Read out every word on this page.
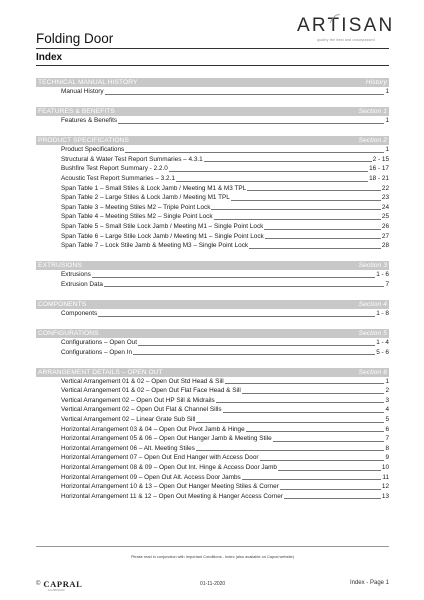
Folding Door
ARTISAN
quality the best and unsurpassed
Index
TECHNICAL MANUAL HISTORY	History
Manual History	1
FEATURES & BENEFITS	Section 1
Features & Benefits	1
PRODUCT SPECIFICATIONS	Section 2
Product Specifications	1
Structural & Water Test Report Summaries – 4.3.1	2 - 15
Bushfire Test Report Summary - 2.2.0	16 - 17
Acoustic Test Report Summaries – 3.2.1	18 - 21
Span Table 1 – Small Stiles & Lock Jamb / Meeting M1 & M3 TPL	22
Span Table 2 – Large Stiles & Lock Jamb / Meeting M1 TPL	23
Span Table 3 – Meeting Stiles M2 – Triple Point Lock	24
Span Table 4 – Meeting Stiles M2 – Single Point Lock	25
Span Table 5 – Small Stile Lock Jamb / Meeting M1 – Single Point Lock	26
Span Table 6 – Large Stile Lock Jamb / Meeting M1 – Single Point Lock	27
Span Table 7 – Lock Stile Jamb & Meeting M3 – Single Point Lock	28
EXTRUSIONS	Section 3
Extrusions	1 - 6
Extrusion Data	7
COMPONENTS	Section 4
Components	1 - 8
CONFIGURATIONS	Section 5
Configurations – Open Out	1 - 4
Configurations – Open In	5 - 6
ARRANGEMENT DETAILS – OPEN OUT	Section 6
Vertical Arrangement 01 & 02 – Open Out Std Head & Sill	1
Vertical Arrangement 01 & 02 – Open Out Flat Face Head & Sill	2
Vertical Arrangement 02 – Open Out HP Sill & Midrails	3
Vertical Arrangement 02 – Open Out Flat & Channel Sills	4
Vertical Arrangement 02 – Linear Grate Sub Sill	5
Horizontal Arrangement 03 & 04 – Open Out Pivot Jamb & Hinge	6
Horizontal Arrangement 05 & 06 – Open Out Hanger Jamb & Meeting Stile	7
Horizontal Arrangement 06 – Alt. Meeting Stiles	8
Horizontal Arrangement 07 – Open Out End Hanger with Access Door	9
Horizontal Arrangement 08 & 09 – Open Out Int. Hinge & Access Door Jamb	10
Horizontal Arrangement 09 – Open Out Alt. Access Door Jambs	11
Horizontal Arrangement 10 & 13 – Open Out Hanger Meeting Stiles & Corner	12
Horizontal Arrangement 11 & 12 – Open Out Meeting & Hanger Access Corner	13
Please read in conjunction with Important Conditions - Index (also available on Capral website)
© CAPRAL
ALUMINIUM
01-11-2020	Index - Page 1
